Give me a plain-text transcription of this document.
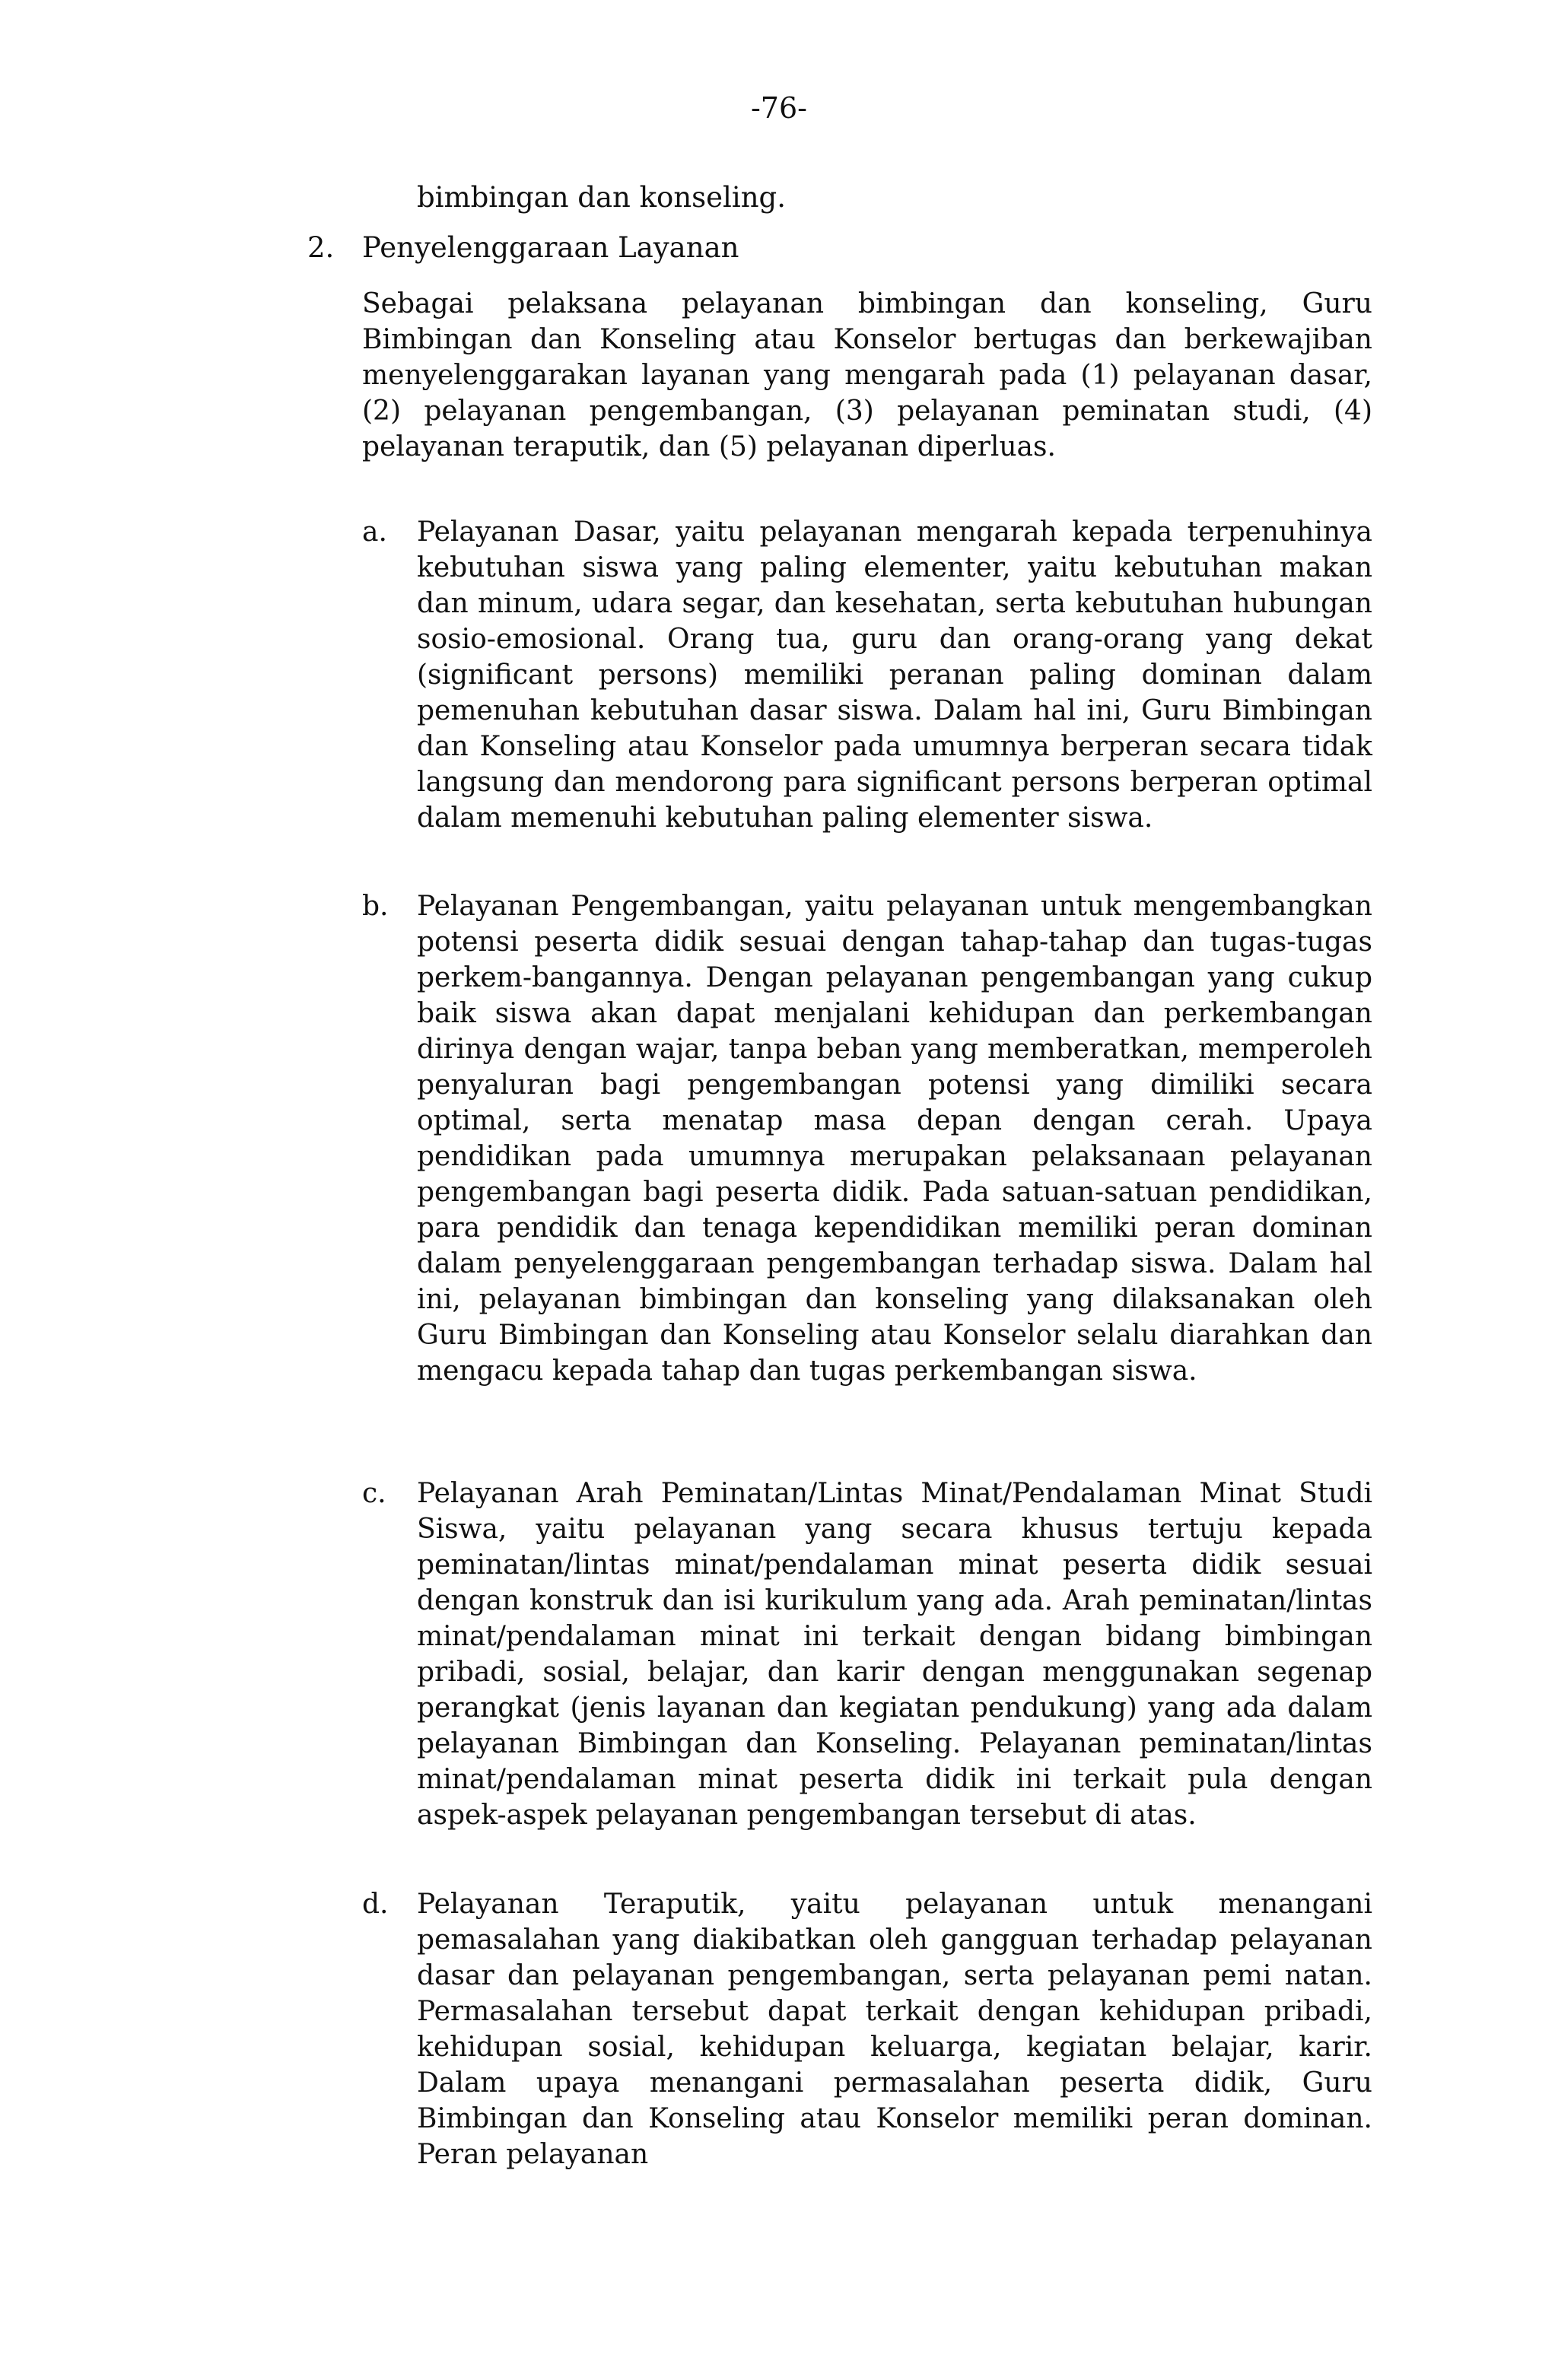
-76-
bimbingan dan konseling.
2. Penyelenggaraan Layanan

Sebagai pelaksana pelayanan bimbingan dan konseling, Guru Bimbingan dan Konseling atau Konselor bertugas dan berkewajiban menyelenggarakan layanan yang mengarah pada (1) pelayanan dasar, (2) pelayanan pengembangan, (3) pelayanan peminatan studi, (4) pelayanan teraputik, dan (5) pelayanan diperluas.

a.	Pelayanan Dasar, yaitu pelayanan mengarah kepada terpenuhinya kebutuhan siswa yang paling elementer, yaitu kebutuhan makan dan minum, udara segar, dan kesehatan, serta kebutuhan hubungan sosio-emosional. Orang tua, guru dan orang-orang yang dekat (significant persons) memiliki peranan paling dominan dalam pemenuhan kebutuhan dasar siswa. Dalam hal ini, Guru Bimbingan dan Konseling atau Konselor pada umumnya berperan secara tidak langsung dan mendorong para significant persons berperan optimal dalam memenuhi kebutuhan paling elementer siswa.

b.	Pelayanan Pengembangan, yaitu pelayanan untuk mengembangkan potensi peserta didik sesuai dengan tahap-tahap dan tugas-tugas perkem-bangannya. Dengan pelayanan pengembangan yang cukup baik siswa akan dapat menjalani kehidupan dan perkembangan dirinya dengan wajar, tanpa beban yang memberatkan, memperoleh penyaluran bagi pengembangan potensi yang dimiliki secara optimal, serta menatap masa depan dengan cerah. Upaya pendidikan pada umumnya merupakan pelaksanaan pelayanan pengembangan bagi peserta didik. Pada satuan-satuan pendidikan, para pendidik dan tenaga kependidikan memiliki peran dominan dalam penyelenggaraan pengembangan terhadap siswa. Dalam hal ini, pelayanan bimbingan dan konseling yang dilaksanakan oleh Guru Bimbingan dan Konseling atau Konselor selalu diarahkan dan mengacu kepada tahap dan tugas perkembangan siswa.

c.	Pelayanan Arah Peminatan/Lintas Minat/Pendalaman Minat Studi Siswa, yaitu pelayanan yang secara khusus tertuju kepada peminatan/lintas minat/pendalaman minat peserta didik sesuai dengan konstruk dan isi kurikulum yang ada. Arah peminatan/lintas minat/pendalaman minat ini terkait dengan bidang bimbingan pribadi, sosial, belajar, dan karir dengan menggunakan segenap perangkat (jenis layanan dan kegiatan pendukung) yang ada dalam pelayanan Bimbingan dan Konseling. Pelayanan peminatan/lintas minat/pendalaman minat peserta didik ini terkait pula dengan aspek-aspek pelayanan pengembangan tersebut di atas.

d.	Pelayanan Teraputik, yaitu pelayanan untuk menangani pemasalahan yang diakibatkan oleh gangguan terhadap pelayanan dasar dan pelayanan pengembangan, serta pelayanan pemi natan. Permasalahan tersebut dapat terkait dengan kehidupan pribadi, kehidupan sosial, kehidupan keluarga, kegiatan belajar, karir. Dalam upaya menangani permasalahan peserta didik, Guru Bimbingan dan Konseling atau Konselor memiliki peran dominan. Peran pelayanan
